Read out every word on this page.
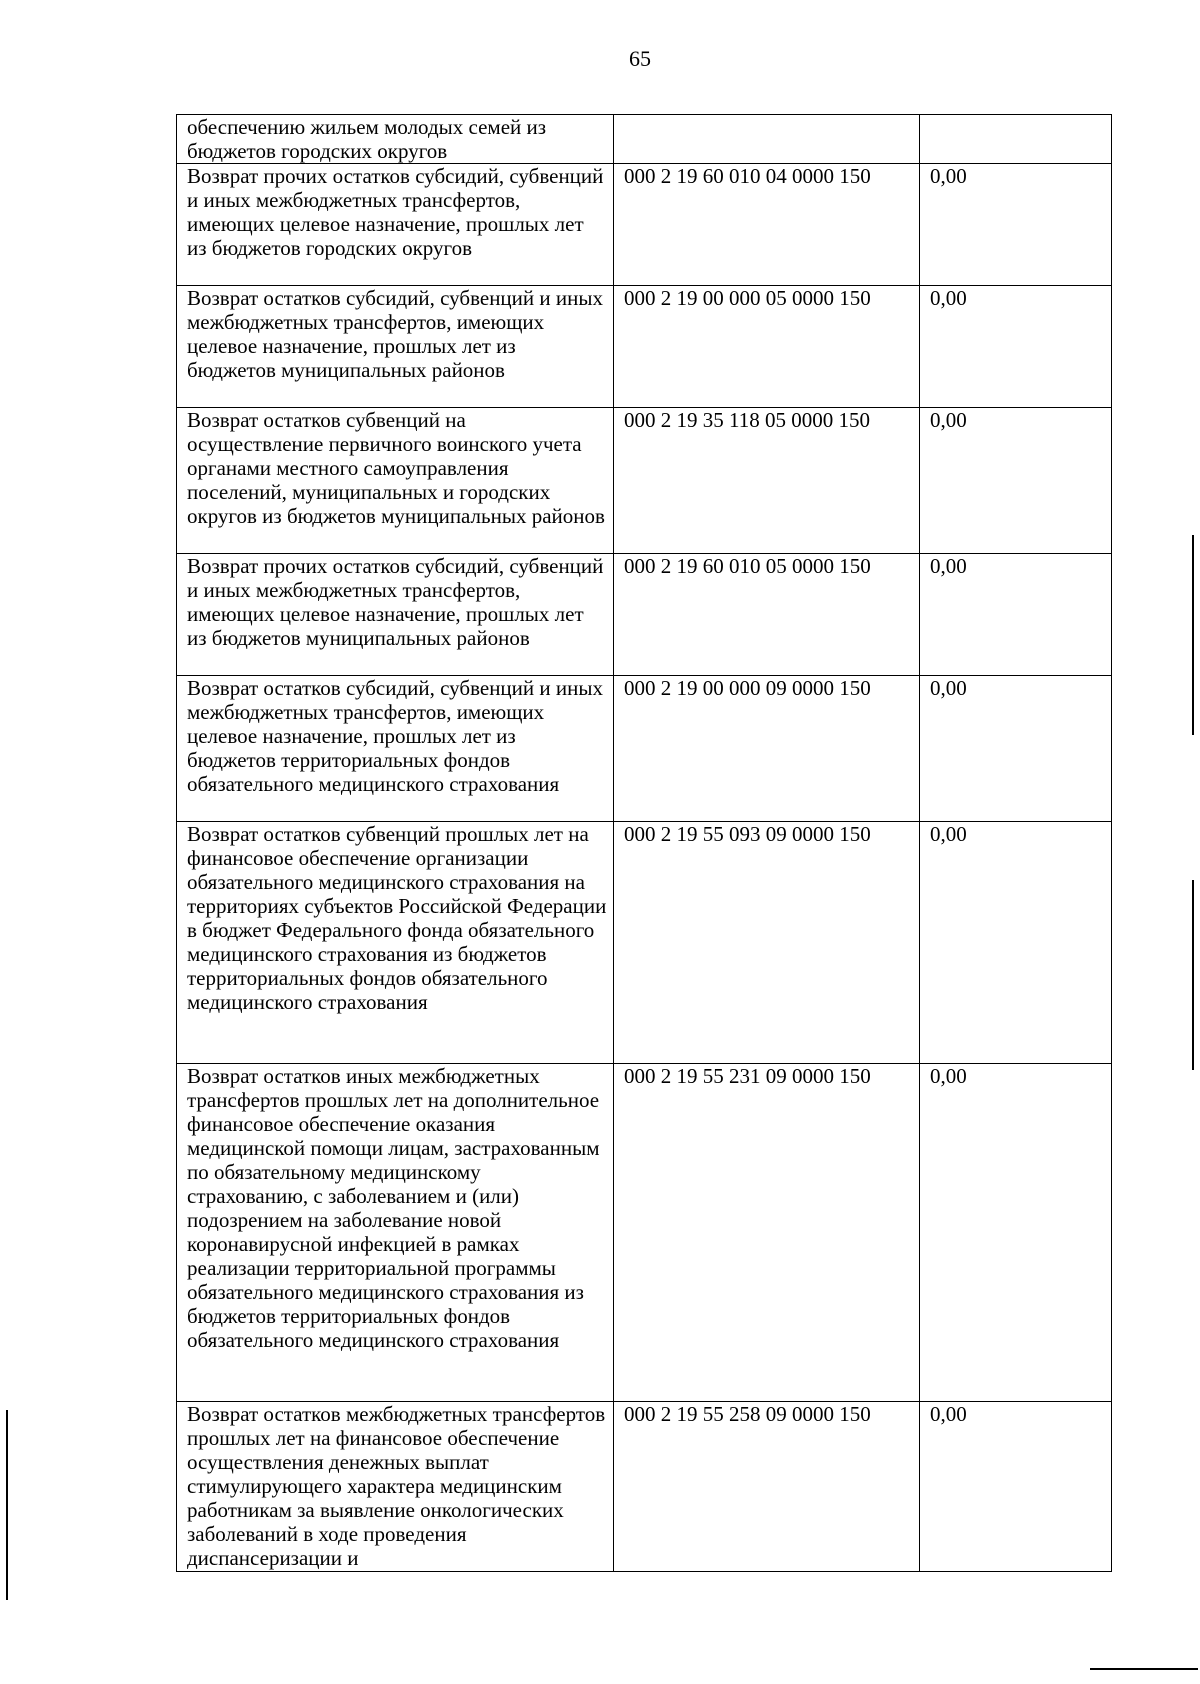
65
обеспечению жильем молодых семей из бюджетов городских округов		
Возврат прочих остатков субсидий, субвенций и иных межбюджетных трансфертов, имеющих целевое назначение, прошлых лет из бюджетов городских округов	000 2 19 60 010 04 0000 150	0,00
Возврат остатков субсидий, субвенций и иных межбюджетных трансфертов, имеющих целевое назначение, прошлых лет из бюджетов муниципальных районов	000 2 19 00 000 05 0000 150	0,00
Возврат остатков субвенций на осуществление первичного воинского учета органами местного самоуправления поселений, муниципальных и городских округов из бюджетов муниципальных районов	000 2 19 35 118 05 0000 150	0,00
Возврат прочих остатков субсидий, субвенций и иных межбюджетных трансфертов, имеющих целевое назначение, прошлых лет из бюджетов муниципальных районов	000 2 19 60 010 05 0000 150	0,00
Возврат остатков субсидий, субвенций и иных межбюджетных трансфертов, имеющих целевое назначение, прошлых лет из бюджетов территориальных фондов обязательного медицинского страхования	000 2 19 00 000 09 0000 150	0,00
Возврат остатков субвенций прошлых лет на финансовое обеспечение организации обязательного медицинского страхования на территориях субъектов Российской Федерации в бюджет Федерального фонда обязательного медицинского страхования из бюджетов территориальных фондов обязательного медицинского страхования	000 2 19 55 093 09 0000 150	0,00
Возврат остатков иных межбюджетных трансфертов прошлых лет на дополнительное финансовое обеспечение оказания медицинской помощи лицам, застрахованным по обязательному медицинскому страхованию, с заболеванием и (или) подозрением на заболевание новой коронавирусной инфекцией в рамках реализации территориальной программы обязательного медицинского страхования из бюджетов территориальных фондов обязательного медицинского страхования	000 2 19 55 231 09 0000 150	0,00
Возврат остатков межбюджетных трансфертов прошлых лет на финансовое обеспечение осуществления денежных выплат стимулирующего характера медицинским работникам за выявление онкологических заболеваний в ходе проведения диспансеризации и	000 2 19 55 258 09 0000 150	0,00
